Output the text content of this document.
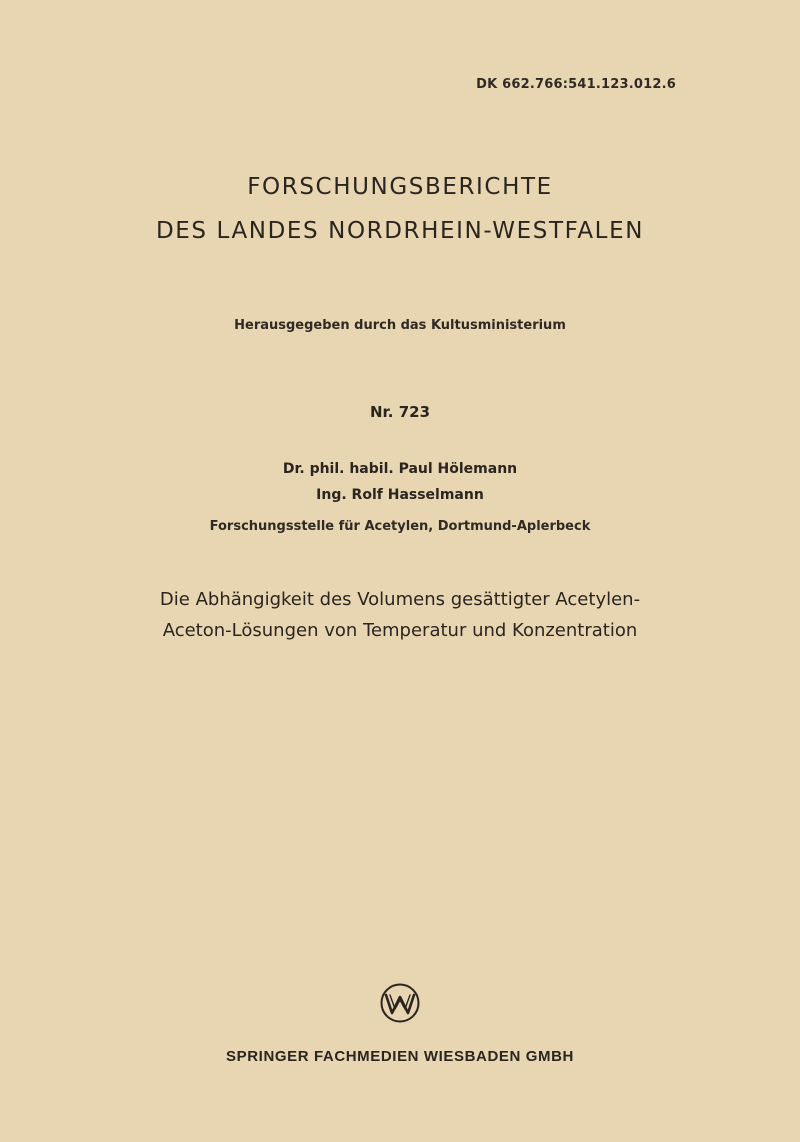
DK 662.766:541.123.012.6
FORSCHUNGSBERICHTE
DES LANDES NORDRHEIN-WESTFALEN
Herausgegeben durch das Kultusministerium
Nr. 723
Dr. phil. habil. Paul Hölemann
Ing. Rolf Hasselmann
Forschungsstelle für Acetylen, Dortmund-Aplerbeck
Die Abhängigkeit des Volumens gesättigter Acetylen-
Aceton-Lösungen von Temperatur und Konzentration
SPRINGER FACHMEDIEN WIESBADEN GMBH
